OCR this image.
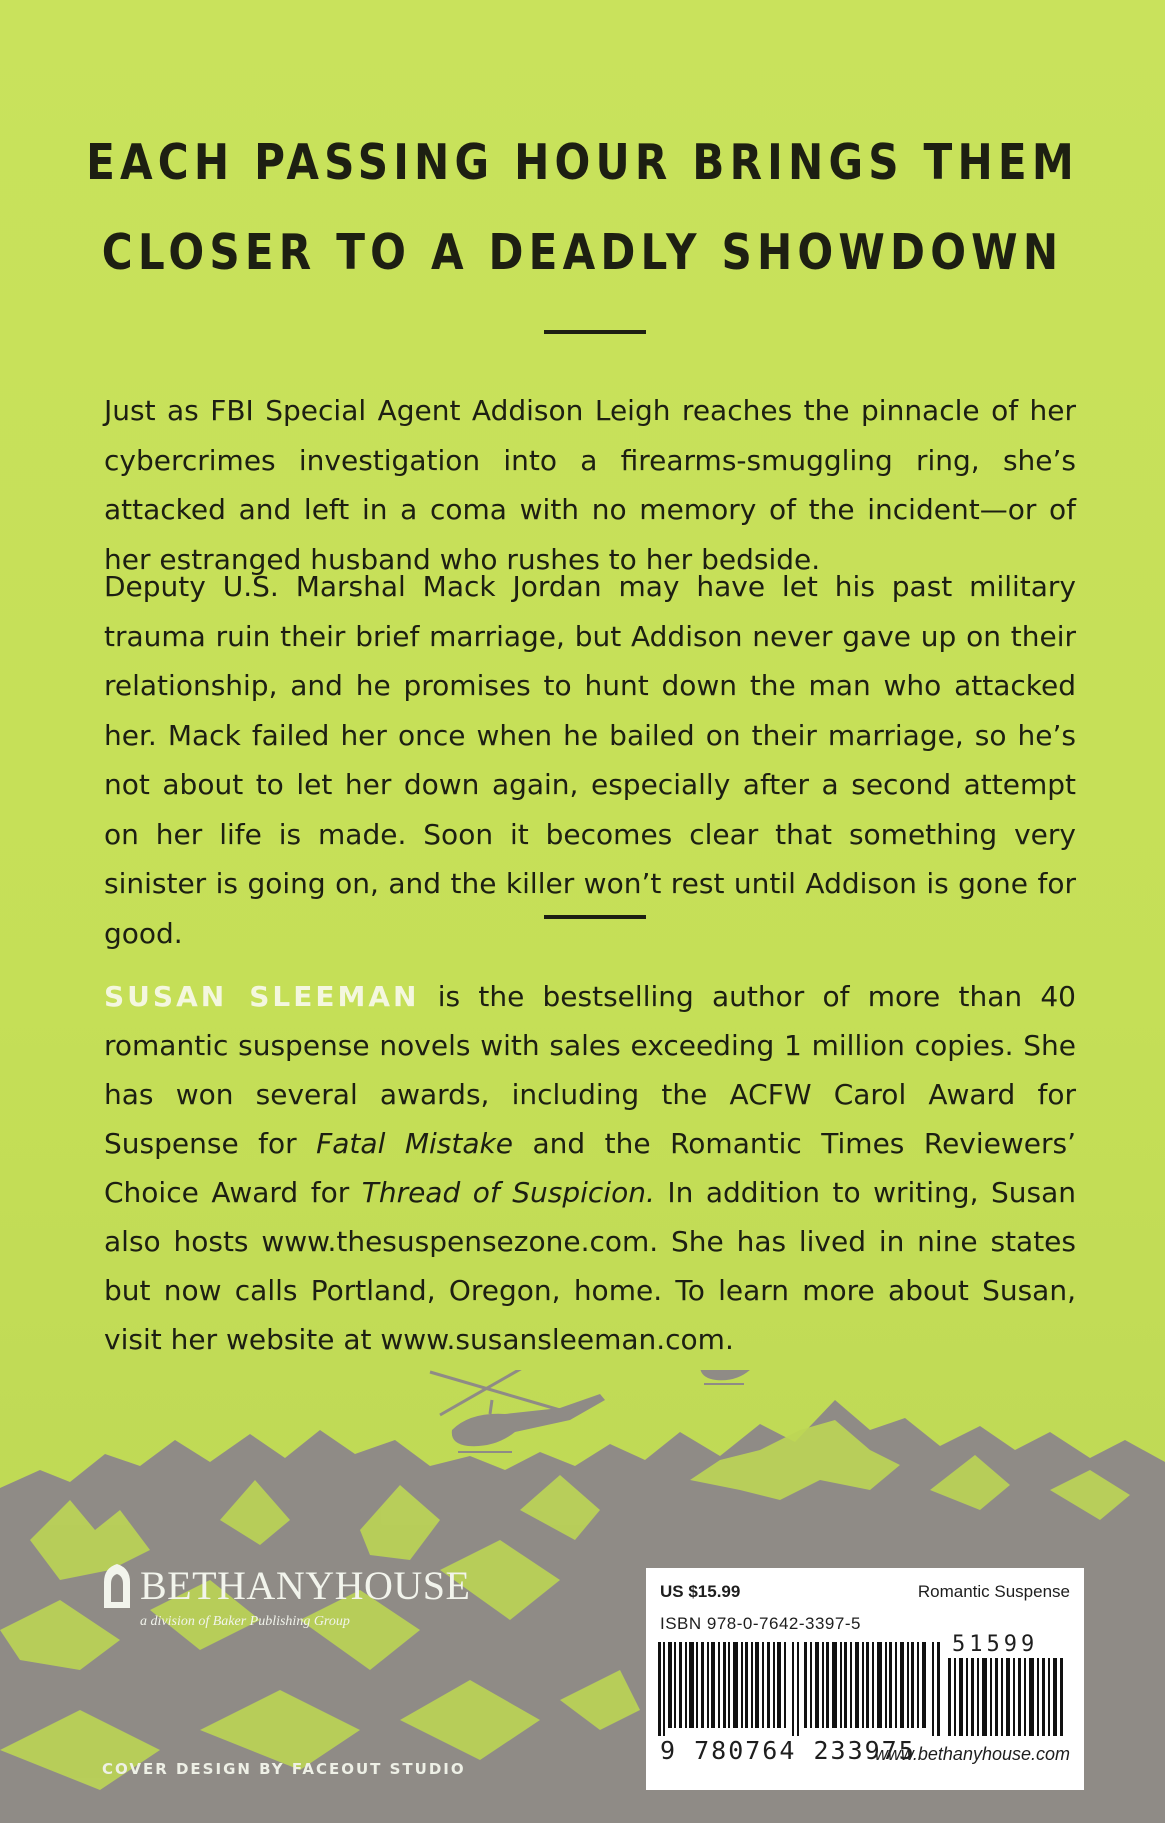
EACH PASSING HOUR BRINGS THEM
CLOSER TO A DEADLY SHOWDOWN

Just as FBI Special Agent Addison Leigh reaches the pinnacle of her cybercrimes investigation into a firearms-smuggling ring, she’s attacked and left in a coma with no memory of the incident—or of her estranged husband who rushes to her bedside.

Deputy U.S. Marshal Mack Jordan may have let his past military trauma ruin their brief marriage, but Addison never gave up on their relationship, and he promises to hunt down the man who attacked her. Mack failed her once when he bailed on their marriage, so he’s not about to let her down again, especially after a second attempt on her life is made. Soon it becomes clear that something very sinister is going on, and the killer won’t rest until Addison is gone for good.

SUSAN SLEEMAN is the bestselling author of more than 40 romantic suspense novels with sales exceeding 1 million copies. She has won several awards, including the ACFW Carol Award for Suspense for Fatal Mistake and the Romantic Times Reviewers’ Choice Award for Thread of Suspicion. In addition to writing, Susan also hosts www.thesuspensezone.com. She has lived in nine states but now calls Portland, Oregon, home. To learn more about Susan, visit her website at www.susansleeman.com.
BETHANYHOUSE
a division of Baker Publishing Group
COVER DESIGN BY FACEOUT STUDIO
US $15.99	Romantic Suspense
ISBN 978-0-7642-3397-5
51599
9 780764 233975
www.bethanyhouse.com
